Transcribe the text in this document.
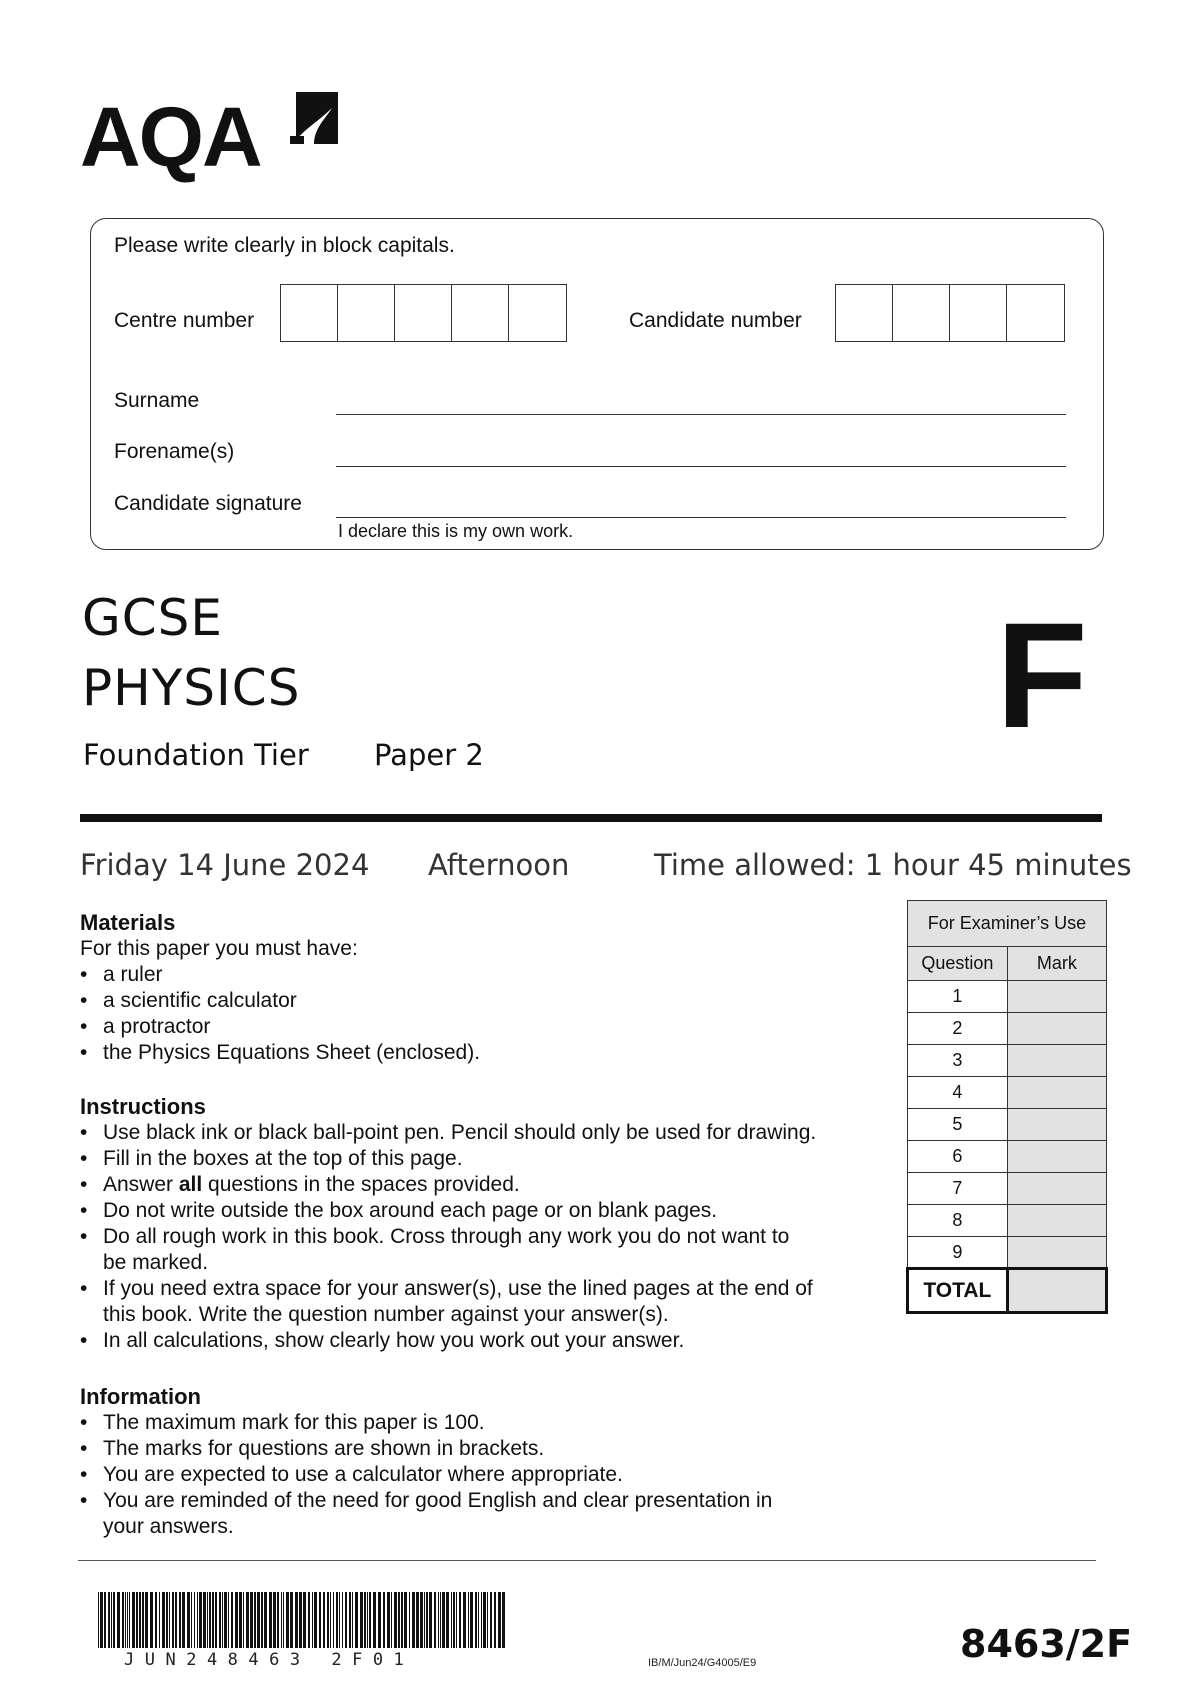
AQA
Please write clearly in block capitals.
Centre number	Candidate number
Surname
Forename(s)
Candidate signature
I declare this is my own work.
GCSE
PHYSICS
Foundation Tier Paper 2	F
Friday 14 June 2024 Afternoon	Time allowed: 1 hour 45 minutes
Materials
For this paper you must have:
• a ruler
• a scientific calculator
• a protractor
• the Physics Equations Sheet (enclosed).
Instructions
• Use black ink or black ball-point pen. Pencil should only be used for drawing.
• Fill in the boxes at the top of this page.
• Answer all questions in the spaces provided.
• Do not write outside the box around each page or on blank pages.
• Do all rough work in this book. Cross through any work you do not want to
be marked.
• If you need extra space for your answer(s), use the lined pages at the end of
this book. Write the question number against your answer(s).
• In all calculations, show clearly how you work out your answer.
Information
• The maximum mark for this paper is 100.
• The marks for questions are shown in brackets.
• You are expected to use a calculator where appropriate.
• You are reminded of the need for good English and clear presentation in
your answers.
For Examiner’s Use	
Question	Mark
1	
2	
3	
4	
5	
6	
7	
8	
9	
TOTAL	
JUN248463 2F01	IB/M/Jun24/G4005/E9	8463/2F
